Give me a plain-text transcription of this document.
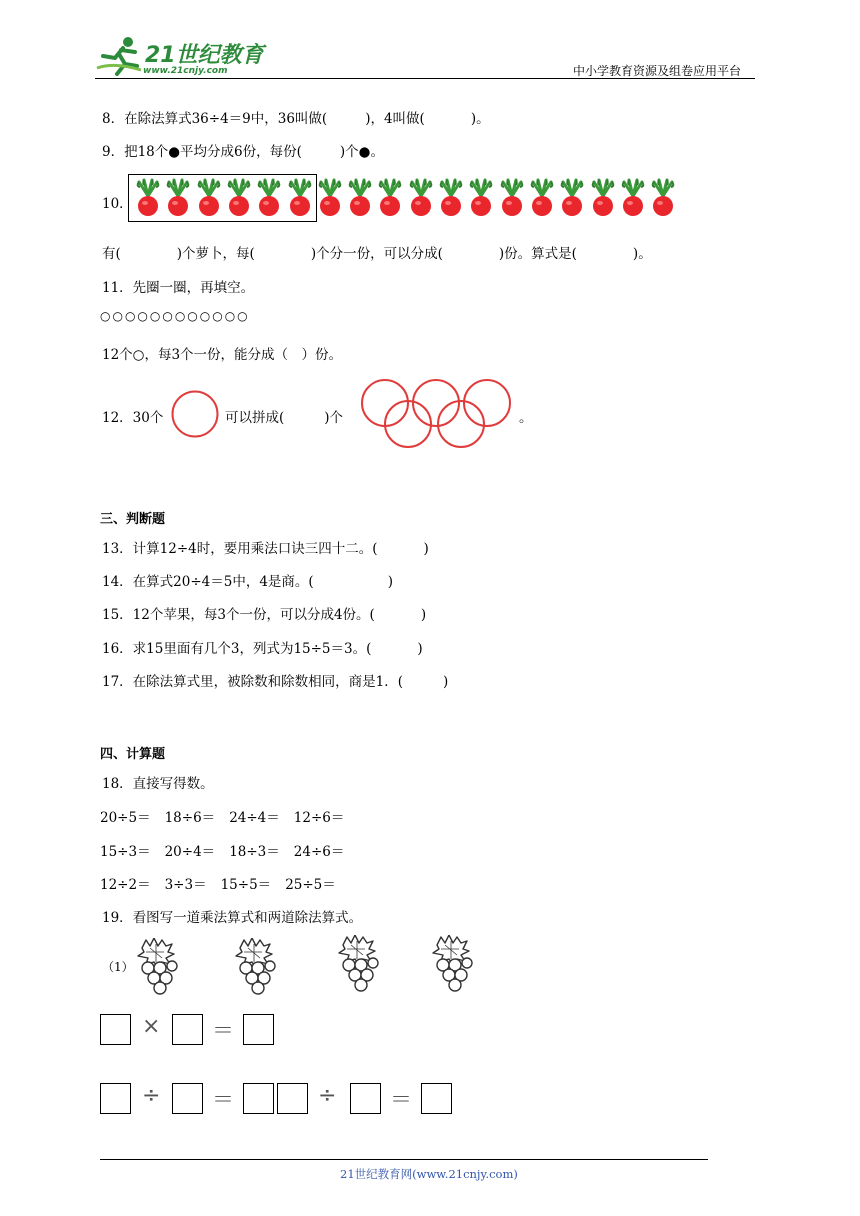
21世纪教育
www.21cnjy.com	中小学教育资源及组卷应用平台
8．在除法算式36÷4＝9中，36叫做(	)，4叫做(	)。
9．把18个●平均分成6份，每份(	)个●。
10．
有(	)个萝卜，每(	)个分一份，可以分成(	)份。算式是(	)。
11．先圈一圈，再填空。
○○○○○○○○○○○○
12个○，每3个一份，能分成（　）份。
12．30个	可以拼成(	)个	。
三、判断题
13．计算12÷4时，要用乘法口诀三四十二。(	)
14．在算式20÷4＝5中，4是商。(	)
15．12个苹果，每3个一份，可以分成4份。(	)
16．求15里面有几个3，列式为15÷5＝3。(	)
17．在除法算式里，被除数和除数相同，商是1．(	)
四、计算题
18．直接写得数。
20÷5＝ 18÷6＝ 24÷4＝ 12÷6＝
15÷3＝ 20÷4＝ 18÷3＝ 24÷6＝
12÷2＝ 3÷3＝ 15÷5＝ 25÷5＝
19．看图写一道乘法算式和两道除法算式。
（1）
× ＝
÷ ＝	÷ ＝
21世纪教育网(www.21cnjy.com)
